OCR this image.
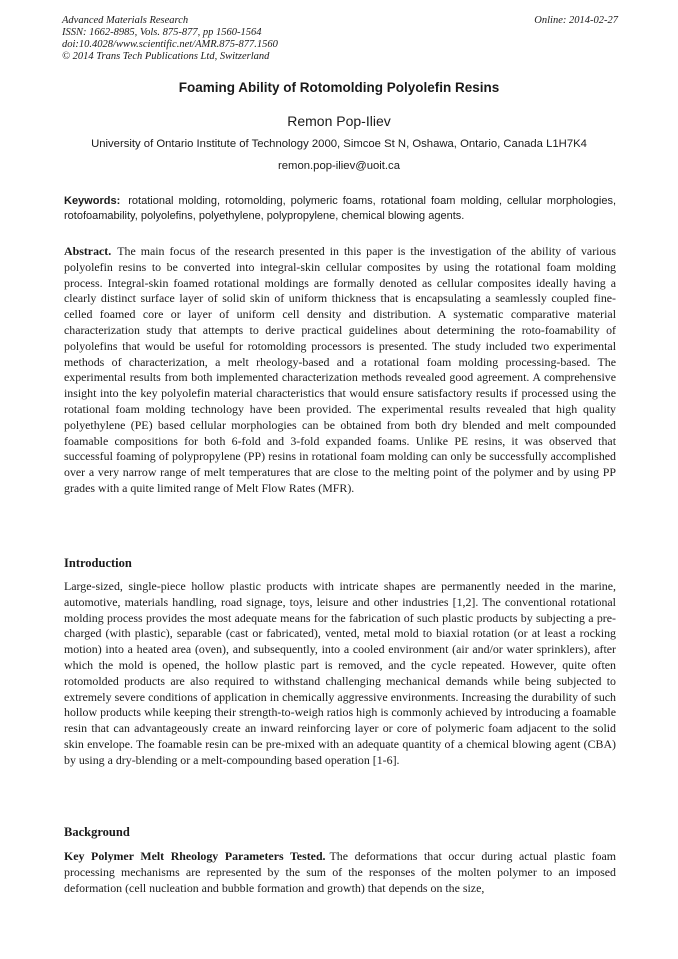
Advanced Materials Research
ISSN: 1662-8985, Vols. 875-877, pp 1560-1564
doi:10.4028/www.scientific.net/AMR.875-877.1560
© 2014 Trans Tech Publications Ltd, Switzerland
Online: 2014-02-27
Foaming Ability of Rotomolding Polyolefin Resins
Remon Pop-Iliev
University of Ontario Institute of Technology 2000, Simcoe St N, Oshawa, Ontario, Canada L1H7K4
remon.pop-iliev@uoit.ca
Keywords: rotational molding, rotomolding, polymeric foams, rotational foam molding, cellular morphologies, rotofoamability, polyolefins, polyethylene, polypropylene, chemical blowing agents.
Abstract. The main focus of the research presented in this paper is the investigation of the ability of various polyolefin resins to be converted into integral-skin cellular composites by using the rotational foam molding process. Integral-skin foamed rotational moldings are formally denoted as cellular composites ideally having a clearly distinct surface layer of solid skin of uniform thickness that is encapsulating a seamlessly coupled fine-celled foamed core or layer of uniform cell density and distribution. A systematic comparative material characterization study that attempts to derive practical guidelines about determining the roto-foamability of polyolefins that would be useful for rotomolding processors is presented. The study included two experimental methods of characterization, a melt rheology-based and a rotational foam molding processing-based. The experimental results from both implemented characterization methods revealed good agreement. A comprehensive insight into the key polyolefin material characteristics that would ensure satisfactory results if processed using the rotational foam molding technology have been provided. The experimental results revealed that high quality polyethylene (PE) based cellular morphologies can be obtained from both dry blended and melt compounded foamable compositions for both 6-fold and 3-fold expanded foams. Unlike PE resins, it was observed that successful foaming of polypropylene (PP) resins in rotational foam molding can only be successfully accomplished over a very narrow range of melt temperatures that are close to the melting point of the polymer and by using PP grades with a quite limited range of Melt Flow Rates (MFR).
Introduction
Large-sized, single-piece hollow plastic products with intricate shapes are permanently needed in the marine, automotive, materials handling, road signage, toys, leisure and other industries [1,2]. The conventional rotational molding process provides the most adequate means for the fabrication of such plastic products by subjecting a pre-charged (with plastic), separable (cast or fabricated), vented, metal mold to biaxial rotation (or at least a rocking motion) into a heated area (oven), and subsequently, into a cooled environment (air and/or water sprinklers), after which the mold is opened, the hollow plastic part is removed, and the cycle repeated. However, quite often rotomolded products are also required to withstand challenging mechanical demands while being subjected to extremely severe conditions of application in chemically aggressive environments. Increasing the durability of such hollow products while keeping their strength-to-weigh ratios high is commonly achieved by introducing a foamable resin that can advantageously create an inward reinforcing layer or core of polymeric foam adjacent to the solid skin envelope. The foamable resin can be pre-mixed with an adequate quantity of a chemical blowing agent (CBA) by using a dry-blending or a melt-compounding based operation [1-6].
Background
Key Polymer Melt Rheology Parameters Tested. The deformations that occur during actual plastic foam processing mechanisms are represented by the sum of the responses of the molten polymer to an imposed deformation (cell nucleation and bubble formation and growth) that depends on the size,
